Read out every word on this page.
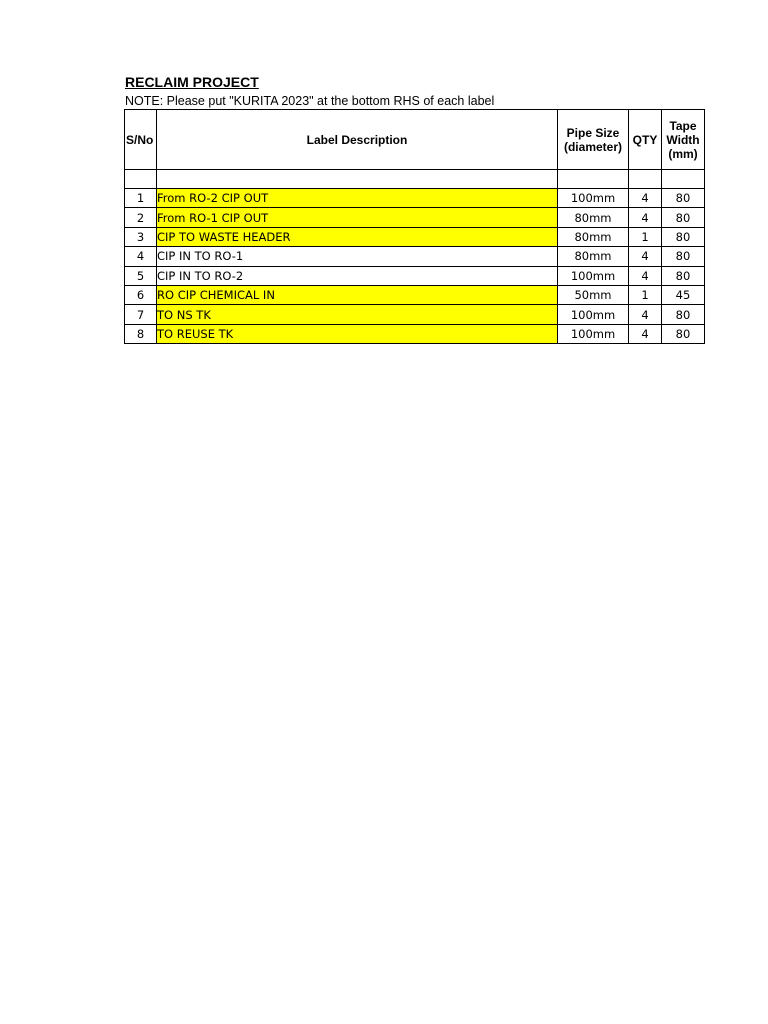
RECLAIM PROJECT
NOTE: Please put "KURITA 2023" at the bottom RHS of each label
S/No	Label Description	Pipe Size (diameter)	QTY	Tape Width (mm)

1	From RO-2 CIP OUT	100mm	4	80
2	From RO-1 CIP OUT	80mm	4	80
3	CIP TO WASTE HEADER	80mm	1	80
4	CIP IN TO RO-1	80mm	4	80
5	CIP IN TO RO-2	100mm	4	80
6	RO CIP CHEMICAL IN	50mm	1	45
7	TO NS TK	100mm	4	80
8	TO REUSE TK	100mm	4	80
